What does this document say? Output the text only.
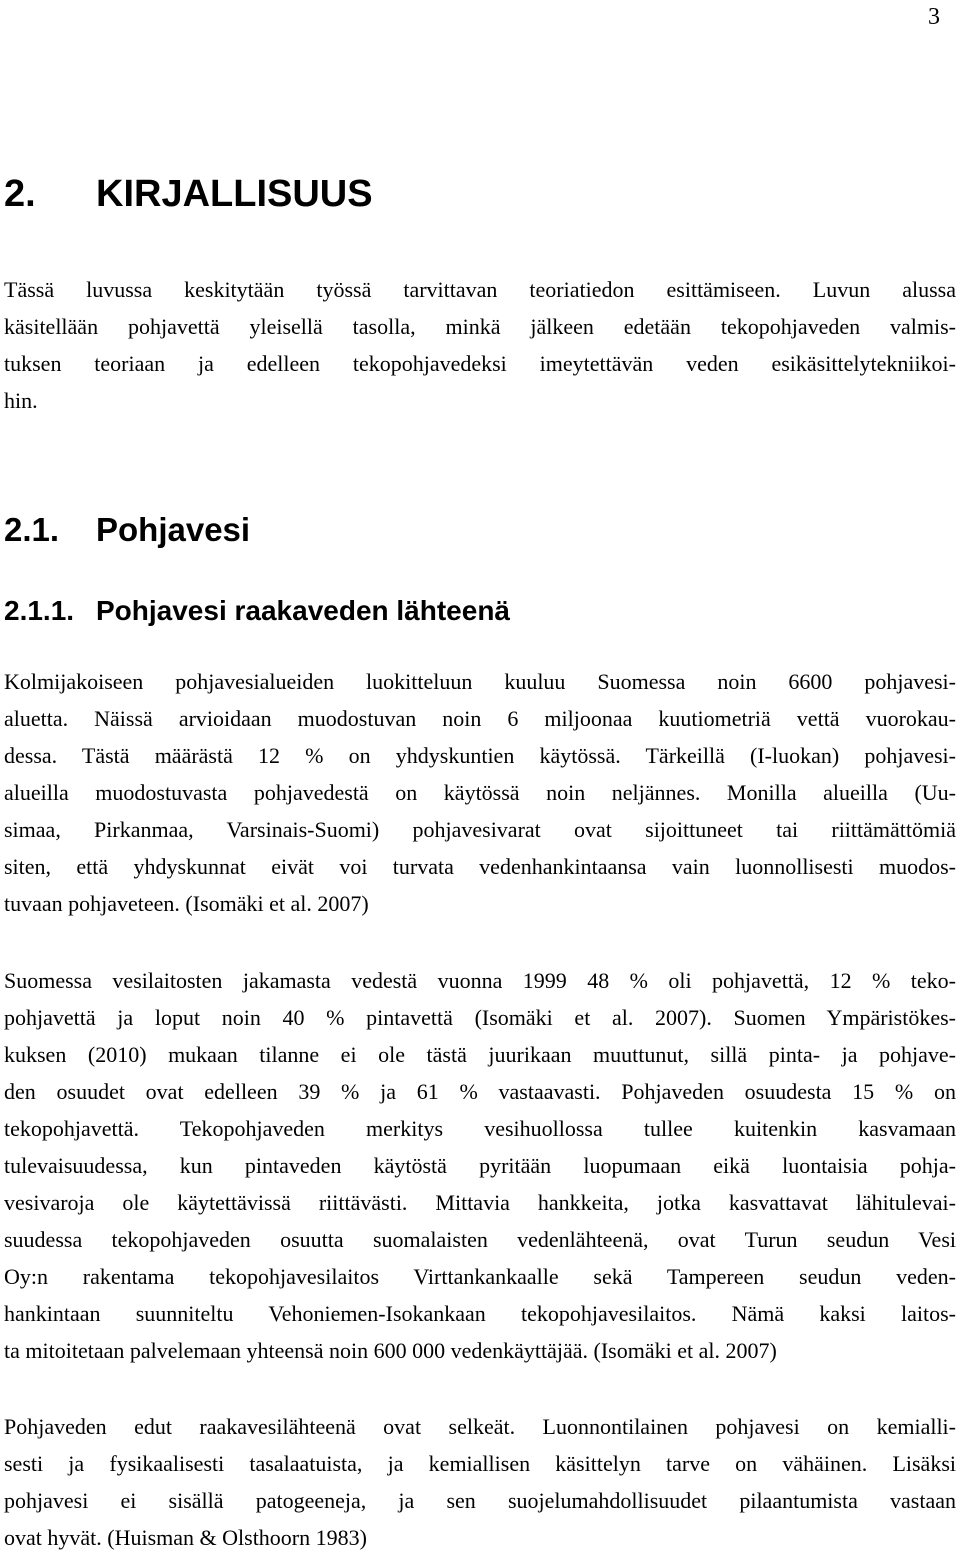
3
2. KIRJALLISUUS
Tässä luvussa keskitytään työssä tarvittavan teoriatiedon esittämiseen. Luvun alussa
käsitellään pohjavettä yleisellä tasolla, minkä jälkeen edetään tekopohjaveden valmis-
tuksen teoriaan ja edelleen tekopohjavedeksi imeytettävän veden esikäsittelytekniikoi-
hin.
2.1. Pohjavesi
2.1.1. Pohjavesi raakaveden lähteenä
Kolmijakoiseen pohjavesialueiden luokitteluun kuuluu Suomessa noin 6600 pohjavesi-
aluetta. Näissä arvioidaan muodostuvan noin 6 miljoonaa kuutiometriä vettä vuorokau-
dessa. Tästä määrästä 12 % on yhdyskuntien käytössä. Tärkeillä (I-luokan) pohjavesi-
alueilla muodostuvasta pohjavedestä on käytössä noin neljännes. Monilla alueilla (Uu-
simaa, Pirkanmaa, Varsinais-Suomi) pohjavesivarat ovat sijoittuneet tai riittämättömiä
siten, että yhdyskunnat eivät voi turvata vedenhankintaansa vain luonnollisesti muodos-
tuvaan pohjaveteen. (Isomäki et al. 2007)
Suomessa vesilaitosten jakamasta vedestä vuonna 1999 48 % oli pohjavettä, 12 % teko-
pohjavettä ja loput noin 40 % pintavettä (Isomäki et al. 2007). Suomen Ympäristökes-
kuksen (2010) mukaan tilanne ei ole tästä juurikaan muuttunut, sillä pinta- ja pohjave-
den osuudet ovat edelleen 39 % ja 61 % vastaavasti. Pohjaveden osuudesta 15 % on
tekopohjavettä. Tekopohjaveden merkitys vesihuollossa tullee kuitenkin kasvamaan
tulevaisuudessa, kun pintaveden käytöstä pyritään luopumaan eikä luontaisia pohja-
vesivaroja ole käytettävissä riittävästi. Mittavia hankkeita, jotka kasvattavat lähitulevai-
suudessa tekopohjaveden osuutta suomalaisten vedenlähteenä, ovat Turun seudun Vesi
Oy:n rakentama tekopohjavesilaitos Virttankankaalle sekä Tampereen seudun veden-
hankintaan suunniteltu Vehoniemen-Isokankaan tekopohjavesilaitos. Nämä kaksi laitos-
ta mitoitetaan palvelemaan yhteensä noin 600 000 vedenkäyttäjää. (Isomäki et al. 2007)
Pohjaveden edut raakavesilähteenä ovat selkeät. Luonnontilainen pohjavesi on kemialli-
sesti ja fysikaalisesti tasalaatuista, ja kemiallisen käsittelyn tarve on vähäinen. Lisäksi
pohjavesi ei sisällä patogeeneja, ja sen suojelumahdollisuudet pilaantumista vastaan
ovat hyvät. (Huisman & Olsthoorn 1983)
